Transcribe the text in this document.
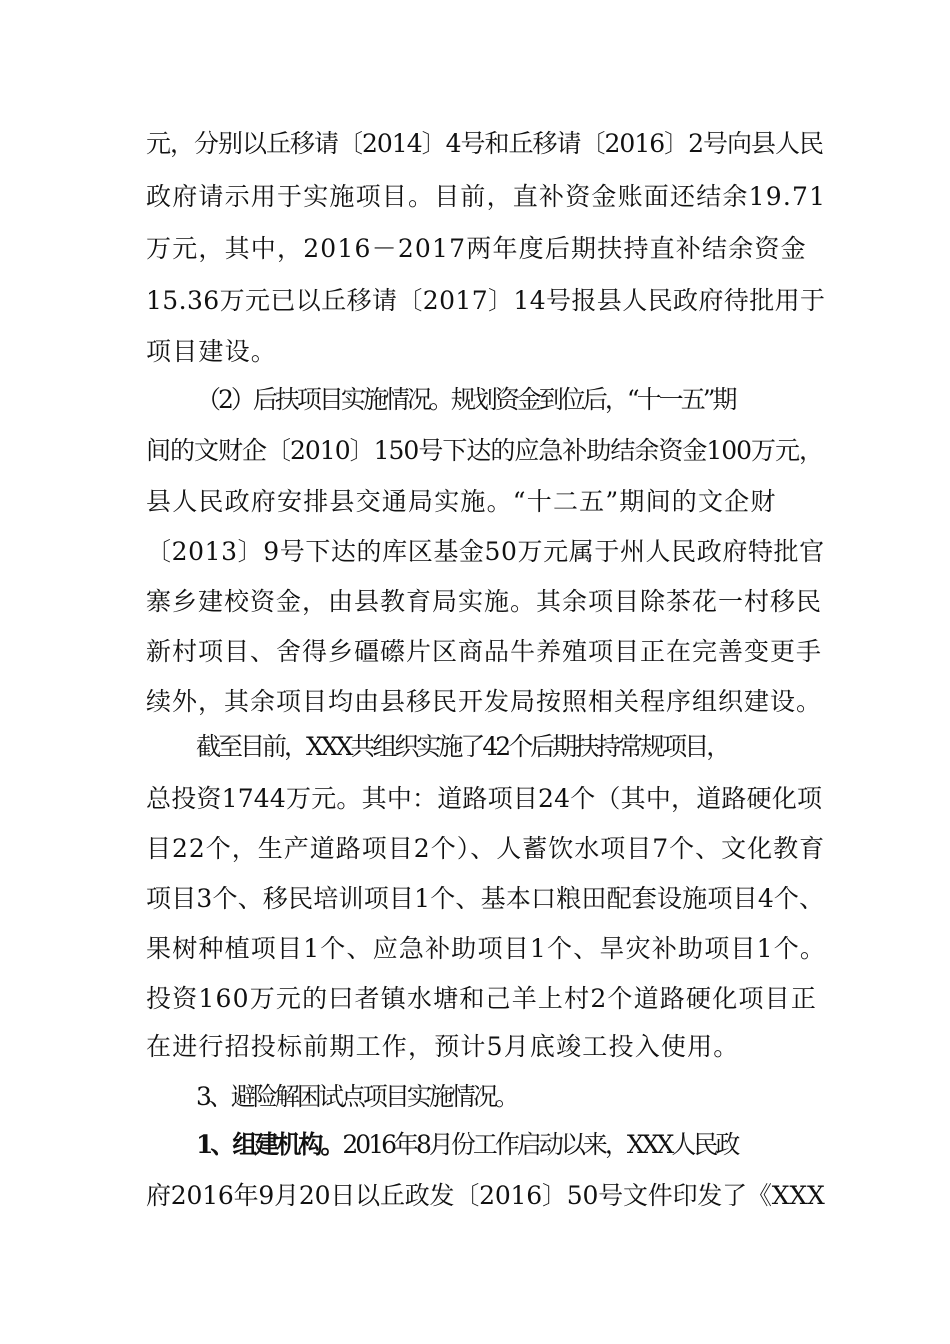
元，分别以丘移请〔2014〕4号和丘移请〔2016〕2号向县人民
政府请示用于实施项目。目前，直补资金账面还结余19.71
万元，其中，2016－2017两年度后期扶持直补结余资金
15.36万元已以丘移请〔2017〕14号报县人民政府待批用于
项目建设。
（2）后扶项目实施情况。规划资金到位后，“十一五”期
间的文财企〔2010〕150号下达的应急补助结余资金100万元，
县人民政府安排县交通局实施。“十二五”期间的文企财
〔2013〕9号下达的库区基金50万元属于州人民政府特批官
寨乡建校资金，由县教育局实施。其余项目除茶花一村移民
新村项目、舍得乡礓礤片区商品牛养殖项目正在完善变更手
续外，其余项目均由县移民开发局按照相关程序组织建设。
截至目前，XXX共组织实施了42个后期扶持常规项目，
总投资1744万元。其中：道路项目24个（其中，道路硬化项
目22个，生产道路项目2个）、人蓄饮水项目7个、文化教育
项目3个、移民培训项目1个、基本口粮田配套设施项目4个、
果树种植项目1个、应急补助项目1个、旱灾补助项目1个。
投资160万元的曰者镇水塘和己羊上村2个道路硬化项目正
在进行招投标前期工作，预计5月底竣工投入使用。
3、避险解困试点项目实施情况。
1、组建机构。2016年8月份工作启动以来，XXX人民政
府2016年9月20日以丘政发〔2016〕50号文件印发了《XXX
